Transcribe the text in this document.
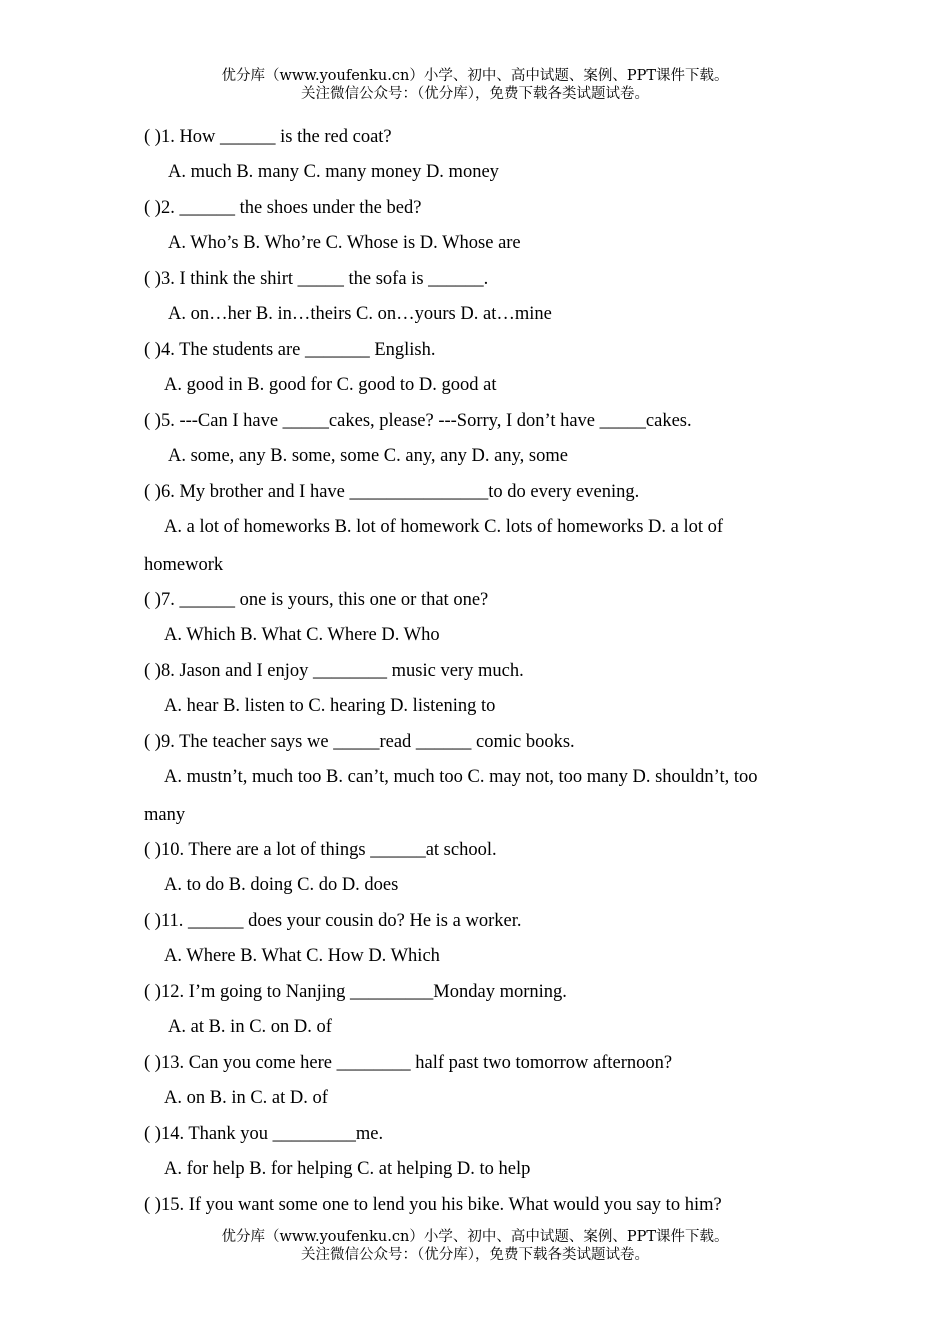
优分库（www.youfenku.cn）小学、初中、高中试题、案例、PPT课件下载。
关注微信公众号：（优分库），免费下载各类试题试卷。
( )1. How ______ is the red coat?
A. much B. many C. many money D. money
( )2. ______ the shoes under the bed?
A. Who’s B. Who’re C. Whose is D. Whose are
( )3. I think the shirt _____ the sofa is ______.
A. on…her B. in…theirs C. on…yours D. at…mine
( )4. The students are _______ English.
A. good in B. good for C. good to D. good at
( )5. ---Can I have _____cakes, please? ---Sorry, I don’t have _____cakes.
A. some, any B. some, some C. any, any D. any, some
( )6. My brother and I have _______________to do every evening.
A. a lot of homeworks B. lot of homework C. lots of homeworks D. a lot of
homework
( )7. ______ one is yours, this one or that one?
A. Which B. What C. Where D. Who
( )8. Jason and I enjoy ________ music very much.
A. hear B. listen to C. hearing D. listening to
( )9. The teacher says we _____read ______ comic books.
A. mustn’t, much too B. can’t, much too C. may not, too many D. shouldn’t, too
many
( )10. There are a lot of things ______at school.
A. to do B. doing C. do D. does
( )11. ______ does your cousin do? He is a worker.
A. Where B. What C. How D. Which
( )12. I’m going to Nanjing _________Monday morning.
A. at B. in C. on D. of
( )13. Can you come here ________ half past two tomorrow afternoon?
A. on B. in C. at D. of
( )14. Thank you _________me.
A. for help B. for helping C. at helping D. to help
( )15. If you want some one to lend you his bike. What would you say to him?
优分库（www.youfenku.cn）小学、初中、高中试题、案例、PPT课件下载。
关注微信公众号：（优分库），免费下载各类试题试卷。
